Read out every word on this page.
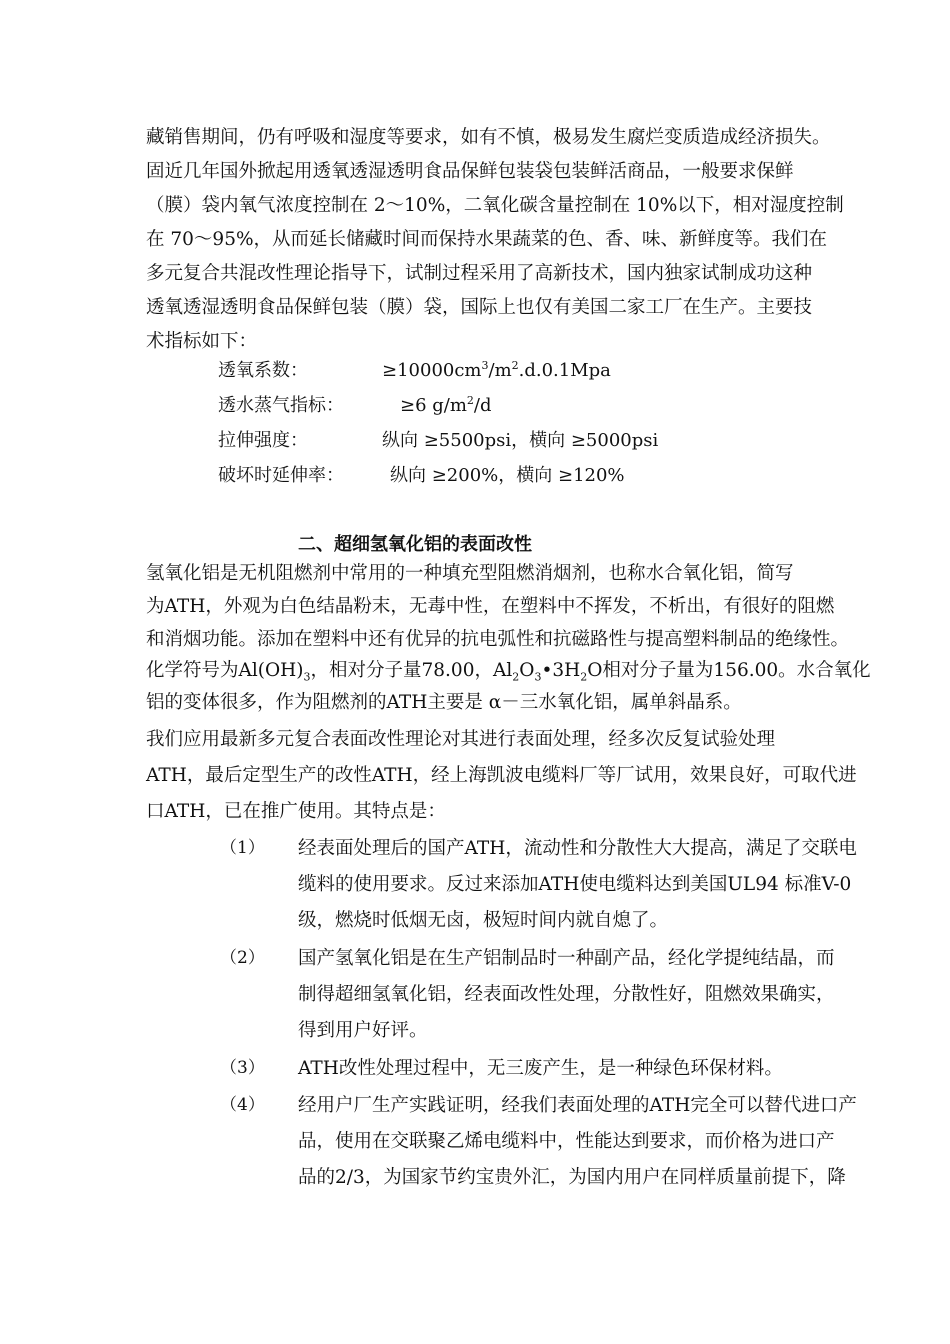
藏销售期间，仍有呼吸和湿度等要求，如有不慎，极易发生腐烂变质造成经济损失。
固近几年国外掀起用透氧透湿透明食品保鲜包装袋包装鲜活商品，一般要求保鲜
（膜）袋内氧气浓度控制在 2～10%，二氧化碳含量控制在 10%以下，相对湿度控制
在 70～95%，从而延长储藏时间而保持水果蔬菜的色、香、味、新鲜度等。我们在
多元复合共混改性理论指导下，试制过程采用了高新技术，国内独家试制成功这种
透氧透湿透明食品保鲜包装（膜）袋，国际上也仅有美国二家工厂在生产。主要技
术指标如下：
透氧系数：	$\ge 10000cm^3/m^2.d.0.1Mpa$
透水蒸气指标：	≥6 $g/m^2/d$
拉伸强度：	纵向 ≥5500psi，横向 ≥5000psi
破坏时延伸率：	纵向 ≥200%，横向 ≥120%
二、超细氢氧化铝的表面改性
氢氧化铝是无机阻燃剂中常用的一种填充型阻燃消烟剂，也称水合氧化铝，简写
为ATH，外观为白色结晶粉末，无毒中性，在塑料中不挥发，不析出，有很好的阻燃
和消烟功能。添加在塑料中还有优异的抗电弧性和抗磁路性与提高塑料制品的绝缘性。
化学符号为$Al(OH)_3$，相对分子量78.00，$Al_2O_3•3H_2O$相对分子量为156.00。水合氧化
铝的变体很多，作为阻燃剂的ATH主要是 α－三水氧化铝，属单斜晶系。
我们应用最新多元复合表面改性理论对其进行表面处理，经多次反复试验处理
ATH，最后定型生产的改性ATH，经上海凯波电缆料厂等厂试用，效果良好，可取代进
口ATH，已在推广使用。其特点是：
（1） 经表面处理后的国产ATH，流动性和分散性大大提高，满足了交联电
缆料的使用要求。反过来添加ATH使电缆料达到美国UL94 标准V-0
级，燃烧时低烟无卤，极短时间内就自熄了。
（2） 国产氢氧化铝是在生产铝制品时一种副产品，经化学提纯结晶，而
制得超细氢氧化铝，经表面改性处理，分散性好，阻燃效果确实，
得到用户好评。
（3） ATH改性处理过程中，无三废产生，是一种绿色环保材料。
（4） 经用户厂生产实践证明，经我们表面处理的ATH完全可以替代进口产
品，使用在交联聚乙烯电缆料中，性能达到要求，而价格为进口产
品的2/3，为国家节约宝贵外汇，为国内用户在同样质量前提下，降
